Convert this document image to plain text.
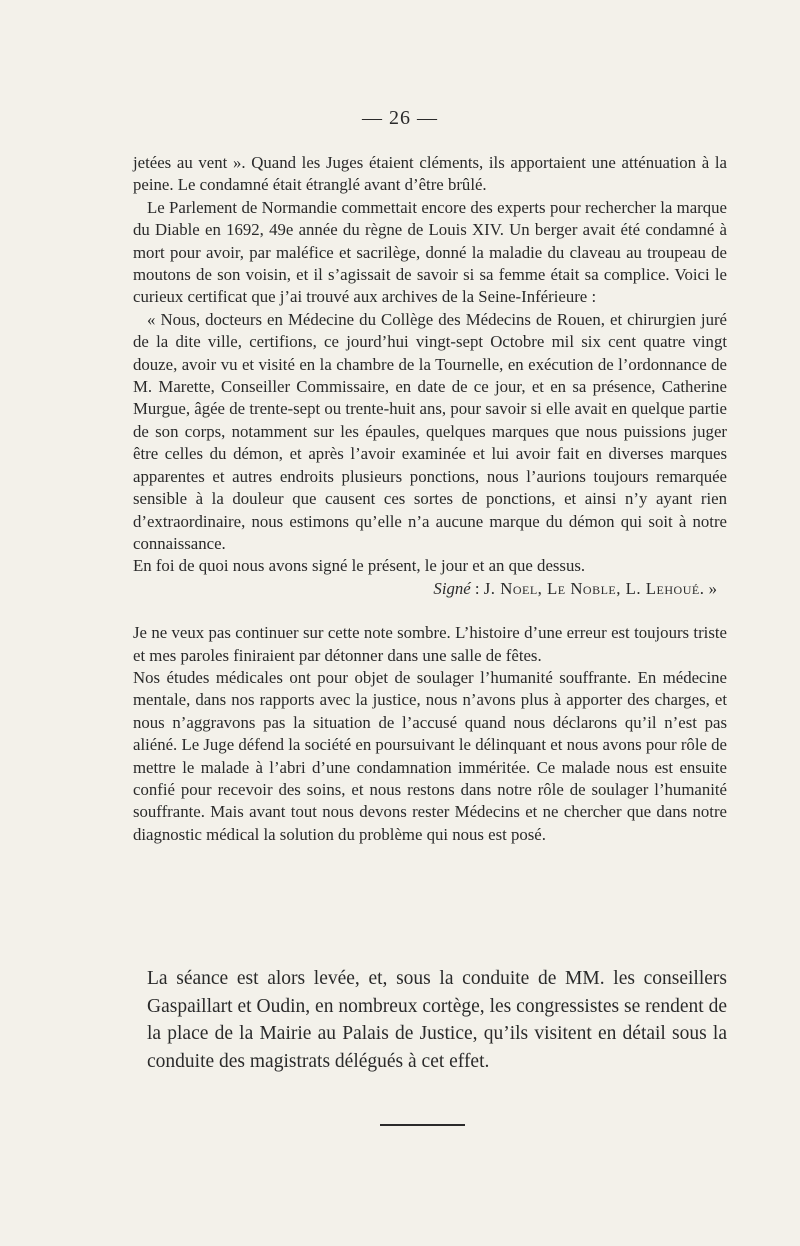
— 26 —

jetées au vent ». Quand les Juges étaient cléments, ils apportaient une atténuation à la peine. Le condamné était étranglé avant d’être brûlé.

Le Parlement de Normandie commettait encore des experts pour rechercher la marque du Diable en 1692, 49e année du règne de Louis XIV. Un berger avait été condamné à mort pour avoir, par maléfice et sacrilège, donné la maladie du claveau au troupeau de moutons de son voisin, et il s’agissait de savoir si sa femme était sa complice. Voici le curieux certificat que j’ai trouvé aux archives de la Seine-Inférieure :

« Nous, docteurs en Médecine du Collège des Médecins de Rouen, et chirurgien juré de la dite ville, certifions, ce jourd’hui vingt-sept Octobre mil six cent quatre vingt douze, avoir vu et visité en la chambre de la Tournelle, en exécution de l’ordonnance de M. Marette, Conseiller Commissaire, en date de ce jour, et en sa présence, Catherine Murgue, âgée de trente-sept ou trente-huit ans, pour savoir si elle avait en quelque partie de son corps, notamment sur les épaules, quelques marques que nous puissions juger être celles du démon, et après l’avoir examinée et lui avoir fait en diverses marques apparentes et autres endroits plusieurs ponctions, nous l’aurions toujours remarquée sensible à la douleur que causent ces sortes de ponctions, et ainsi n’y ayant rien d’extraordinaire, nous estimons qu’elle n’a aucune marque du démon qui soit à notre connaissance.

En foi de quoi nous avons signé le présent, le jour et an que dessus.

Signé : J. Noel, Le Noble, L. Lehoué. »

Je ne veux pas continuer sur cette note sombre. L’histoire d’une erreur est toujours triste et mes paroles finiraient par détonner dans une salle de fêtes.

Nos études médicales ont pour objet de soulager l’humanité souffrante. En médecine mentale, dans nos rapports avec la justice, nous n’avons plus à apporter des charges, et nous n’aggravons pas la situation de l’accusé quand nous déclarons qu’il n’est pas aliéné. Le Juge défend la société en poursuivant le délinquant et nous avons pour rôle de mettre le malade à l’abri d’une condamnation imméritée. Ce malade nous est ensuite confié pour recevoir des soins, et nous restons dans notre rôle de soulager l’humanité souffrante. Mais avant tout nous devons rester Médecins et ne chercher que dans notre diagnostic médical la solution du problème qui nous est posé.

La séance est alors levée, et, sous la conduite de MM. les conseillers Gaspaillart et Oudin, en nombreux cortège, les congressistes se rendent de la place de la Mairie au Palais de Justice, qu’ils visitent en détail sous la conduite des magistrats délégués à cet effet.
